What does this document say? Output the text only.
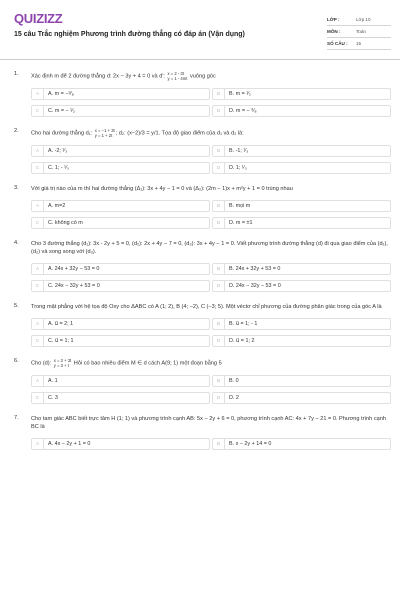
QUIZIZZ
15 câu Trắc nghiệm Phương trình đường thẳng có đáp án (Vận dụng)
LỚP :	Lớp 10
MÔN :	Toán
SỐ CÂU :	15
1.	Xác định m để 2 đường thẳng d: 2x − 3y + 4 = 0 và d': x = 2 - 3t
y = 1 - 4mt vuông góc
A	A. m = −⁹⁄₈	B	B. m = ¹⁄₂
C	C. m = − ¹⁄₂	D	D. m = − ⁹⁄₈
2.	Cho hai đường thẳng d₁: x = −1 + 3t
y = 1 + 2t ; d₂: (x−2)/3 = y/1. Tọa độ giao điểm của d₁ và d₂ là:
A	A. -2; ¹⁄₃	B	B. -1; ¹⁄₃
C	C. 1; - ¹⁄₃	D	D. 1; ¹⁄₃
3.	Với giá trị nào của m thì hai đường thẳng (Δ₁): 3x + 4y − 1 = 0 và (Δ₂): (2m − 1)x + m²y + 1 = 0 trùng nhau
A	A. m=2	B	B. mọi m
C	C. không có m	D	D. m = ±1
4.	Cho 3 đường thẳng (d₁): 3x - 2y + 5 = 0, (d₂): 2x + 4y − 7 = 0, (d₃): 3x + 4y − 1 = 0. Viết phương trình đường thẳng (d) đi qua giao điểm của (d₁), (d₂) và song song với (d₃).
A	A. 24x + 32y − 53 = 0	B	B. 24x + 32y + 53 = 0
C	C. 24x − 32y + 53 = 0	D	D. 24x − 32y − 53 = 0
5.	Trong mặt phẳng với hệ tọa độ Oxy cho ΔABC có A (1; 2), B (4; −2), C (−3; 5). Một véctơ chỉ phương của đường phân giác trong của góc A là
A	A. u⃗ = 2; 1	B	B. u⃗ = 1; - 1
C	C. u⃗ = 1; 1	D	D. u⃗ = 1; 2
6.	Cho (d): x = 2 + 3t
y = 3 + t Hỏi có bao nhiêu điểm M ∈ d cách A(9; 1) một đoạn bằng 5
A	A. 1	B	B. 0
C	C. 3	D	D. 2
7.	Cho tam giác ABC biết trực tâm H (1; 1) và phương trình cạnh AB: 5x − 2y + 6 = 0, phương trình cạnh AC: 4x + 7y − 21 = 0. Phương trình cạnh BC là
A	A. 4x − 2y + 1 = 0	B	B. x − 2y + 14 = 0
